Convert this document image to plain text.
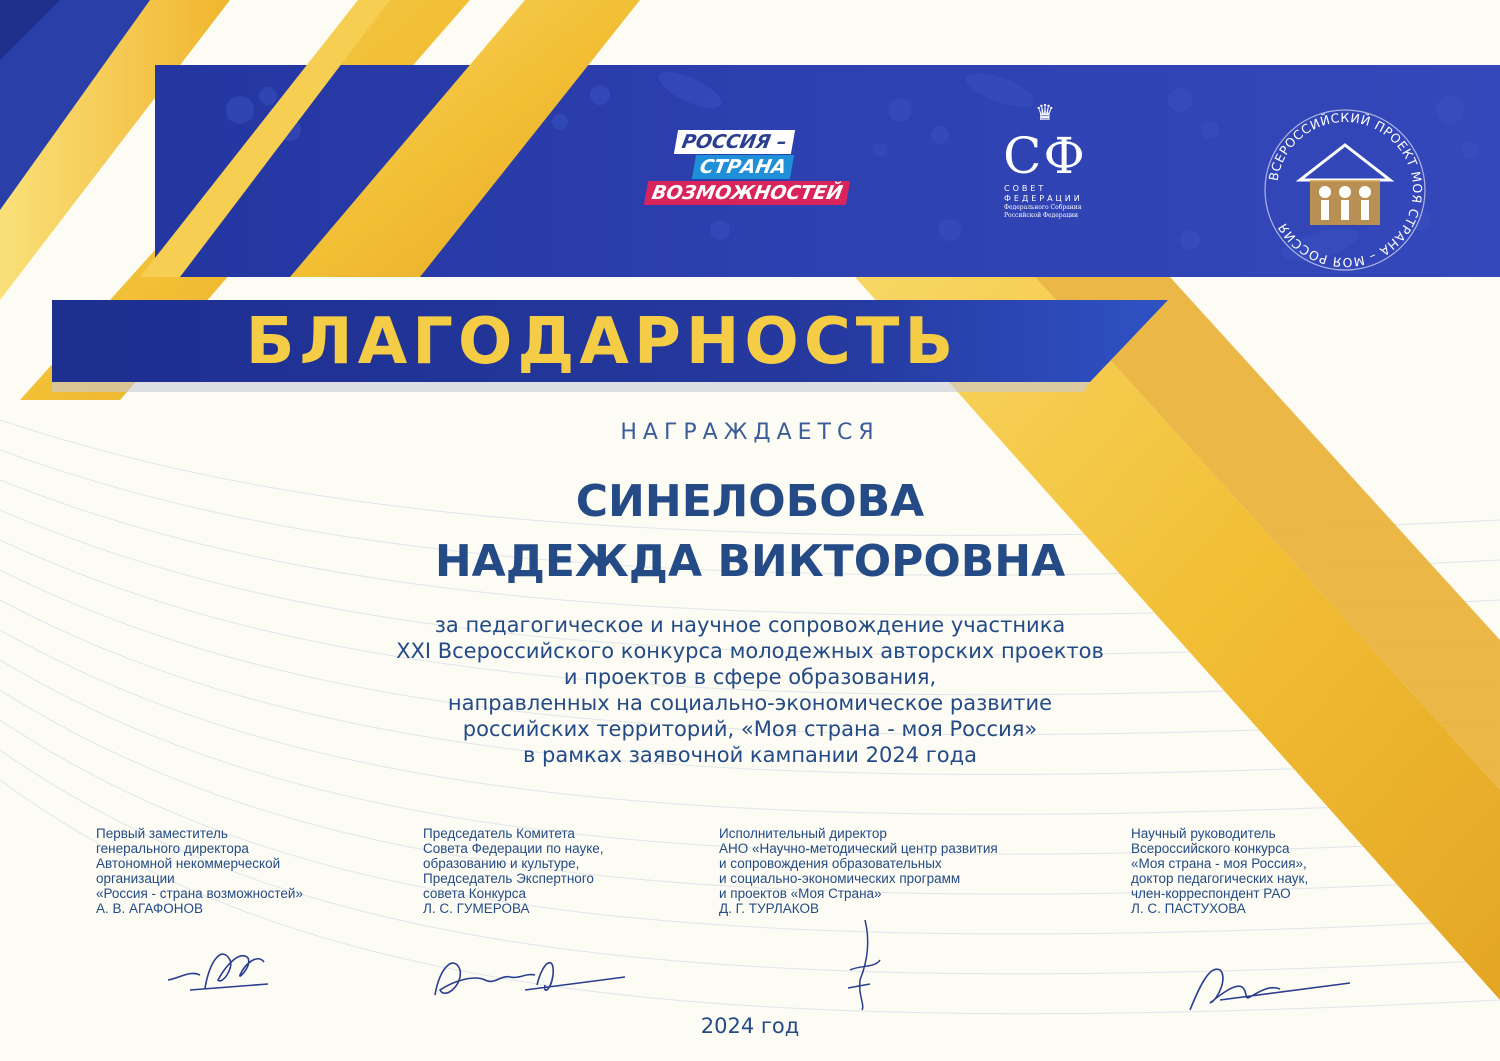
РОССИЯ –
СТРАНА
ВОЗМОЖНОСТЕЙ
♛
СФ
СОВЕТ
ФЕДЕРАЦИИ
Федерального Собрания
Российской Федерации
ВСЕРОССИЙСКИЙ ПРОЕКТ МОЯ СТРАНА – МОЯ РОССИЯ
БЛАГОДАРНОСТЬ
НАГРАЖДАЕТСЯ
СИНЕЛОБОВА
НАДЕЖДА ВИКТОРОВНА
за педагогическое и научное сопровождение участника
XXI Всероссийского конкурса молодежных авторских проектов
и проектов в сфере образования,
направленных на социально-экономическое развитие
российских территорий, «Моя страна - моя Россия»
в рамках заявочной кампании 2024 года
Первый заместитель
генерального директора
Автономной некоммерческой
организации
«Россия - страна возможностей»
А. В. АГАФОНОВ
Председатель Комитета
Совета Федерации по науке,
образованию и культуре,
Председатель Экспертного
совета Конкурса
Л. С. ГУМЕРОВА
Исполнительный директор
АНО «Научно-методический центр развития
и сопровождения образовательных
и социально-экономических программ
и проектов «Моя Страна»
Д. Г. ТУРЛАКОВ
Научный руководитель
Всероссийского конкурса
«Моя страна - моя Россия»,
доктор педагогических наук,
член-корреспондент РАО
Л. С. ПАСТУХОВА
2024 год
